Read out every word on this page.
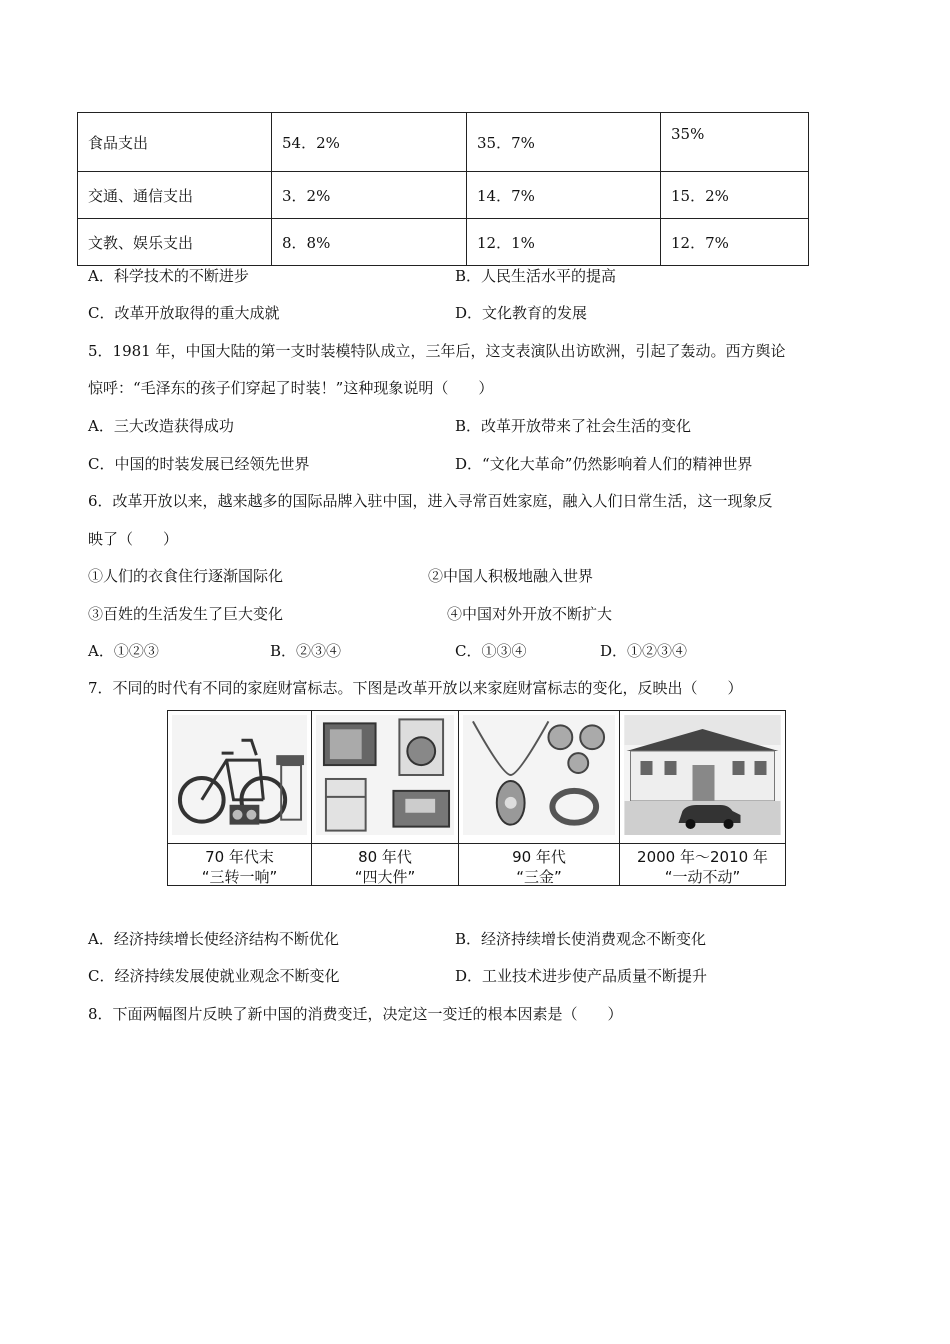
食品支出	54．2%	35．7%	35%
交通、通信支出	3．2%	14．7%	15．2%
文教、娱乐支出	8．8%	12．1%	12．7%
A．科学技术的不断进步	B．人民生活水平的提高
C．改革开放取得的重大成就	D．文化教育的发展
5．1981 年，中国大陆的第一支时装模特队成立，三年后，这支表演队出访欧洲，引起了轰动。西方舆论
惊呼：“毛泽东的孩子们穿起了时装！”这种现象说明（　　）
A．三大改造获得成功	B．改革开放带来了社会生活的变化
C．中国的时装发展已经领先世界	D．“文化大革命”仍然影响着人们的精神世界
6．改革开放以来，越来越多的国际品牌入驻中国，进入寻常百姓家庭，融入人们日常生活，这一现象反
映了（　　）
①人们的衣食住行逐渐国际化	②中国人积极地融入世界
③百姓的生活发生了巨大变化	④中国对外开放不断扩大
A．①②③	B．②③④	C．①③④	D．①②③④
7．不同的时代有不同的家庭财富标志。下图是改革开放以来家庭财富标志的变化，反映出（　　）
70 年代末
“三转一响”
80 年代
“四大件”
90 年代
“三金”
2000 年～2010 年
“一动不动”
A．经济持续增长使经济结构不断优化	B．经济持续增长使消费观念不断变化
C．经济持续发展使就业观念不断变化	D．工业技术进步使产品质量不断提升
8．下面两幅图片反映了新中国的消费变迁，决定这一变迁的根本因素是（　　）
